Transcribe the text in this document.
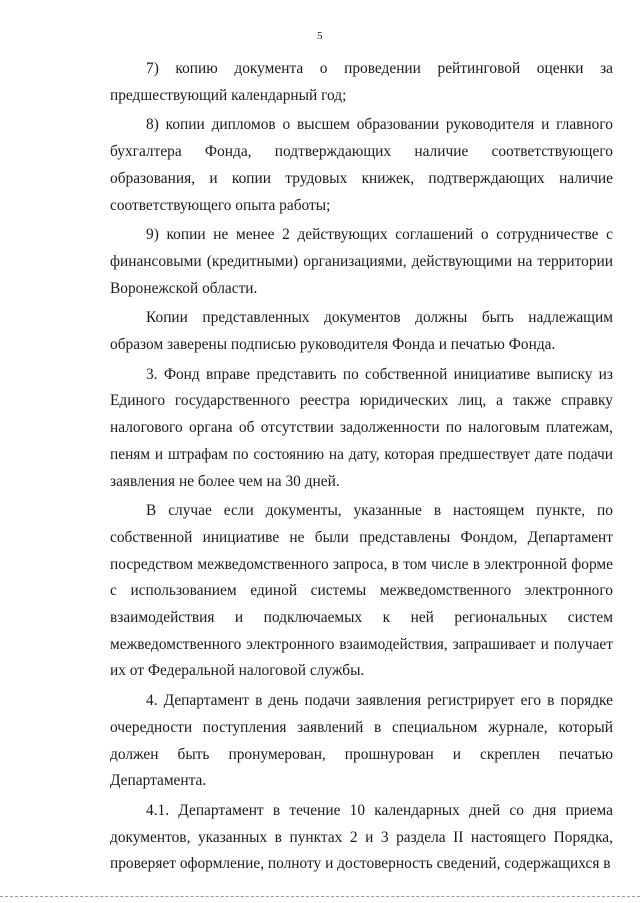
5

7) копию документа о проведении рейтинговой оценки за предшествующий календарный год;

8) копии дипломов о высшем образовании руководителя и главного бухгалтера Фонда, подтверждающих наличие соответствующего образования, и копии трудовых книжек, подтверждающих наличие соответствующего опыта работы;

9) копии не менее 2 действующих соглашений о сотрудничестве с финансовыми (кредитными) организациями, действующими на территории Воронежской области.

Копии представленных документов должны быть надлежащим образом заверены подписью руководителя Фонда и печатью Фонда.

3. Фонд вправе представить по собственной инициативе выписку из Единого государственного реестра юридических лиц, а также справку налогового органа об отсутствии задолженности по налоговым платежам, пеням и штрафам по состоянию на дату, которая предшествует дате подачи заявления не более чем на 30 дней.

В случае если документы, указанные в настоящем пункте, по собственной инициативе не были представлены Фондом, Департамент посредством межведомственного запроса, в том числе в электронной форме с использованием единой системы межведомственного электронного взаимодействия и подключаемых к ней региональных систем межведомственного электронного взаимодействия, запрашивает и получает их от Федеральной налоговой службы.

4. Департамент в день подачи заявления регистрирует его в порядке очередности поступления заявлений в специальном журнале, который должен быть пронумерован, прошнурован и скреплен печатью Департамента.

4.1. Департамент в течение 10 календарных дней со дня приема документов, указанных в пунктах 2 и 3 раздела II настоящего Порядка, проверяет оформление, полноту и достоверность сведений, содержащихся в
